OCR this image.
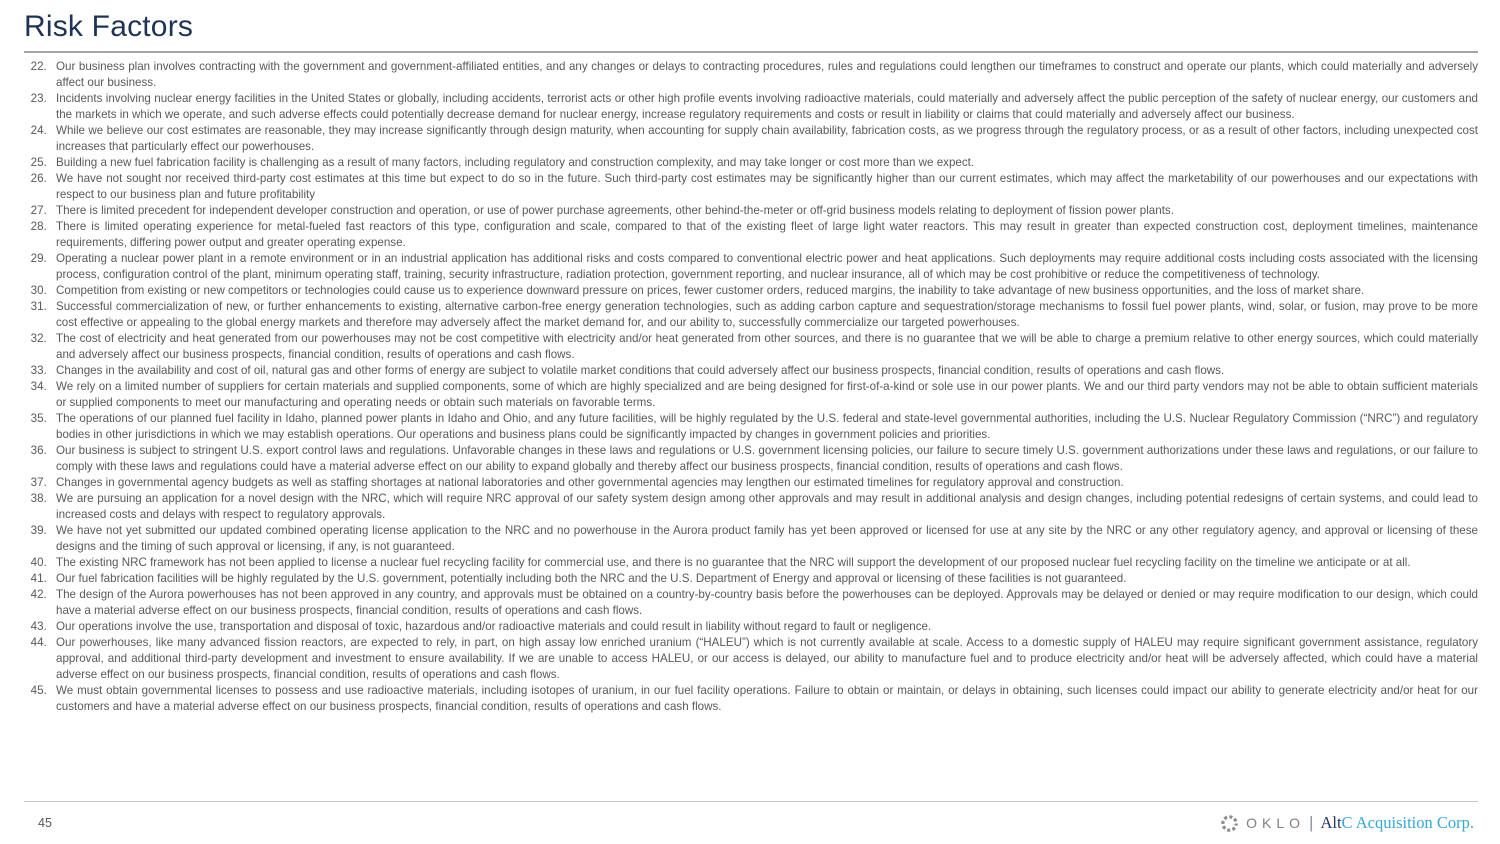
Risk Factors
22. Our business plan involves contracting with the government and government-affiliated entities, and any changes or delays to contracting procedures, rules and regulations could lengthen our timeframes to construct and operate our plants, which could materially and adversely affect our business.
23. Incidents involving nuclear energy facilities in the United States or globally, including accidents, terrorist acts or other high profile events involving radioactive materials, could materially and adversely affect the public perception of the safety of nuclear energy, our customers and the markets in which we operate, and such adverse effects could potentially decrease demand for nuclear energy, increase regulatory requirements and costs or result in liability or claims that could materially and adversely affect our business.
24. While we believe our cost estimates are reasonable, they may increase significantly through design maturity, when accounting for supply chain availability, fabrication costs, as we progress through the regulatory process, or as a result of other factors, including unexpected cost increases that particularly effect our powerhouses.
25. Building a new fuel fabrication facility is challenging as a result of many factors, including regulatory and construction complexity, and may take longer or cost more than we expect.
26. We have not sought nor received third-party cost estimates at this time but expect to do so in the future. Such third-party cost estimates may be significantly higher than our current estimates, which may affect the marketability of our powerhouses and our expectations with respect to our business plan and future profitability
27. There is limited precedent for independent developer construction and operation, or use of power purchase agreements, other behind-the-meter or off-grid business models relating to deployment of fission power plants.
28. There is limited operating experience for metal-fueled fast reactors of this type, configuration and scale, compared to that of the existing fleet of large light water reactors. This may result in greater than expected construction cost, deployment timelines, maintenance requirements, differing power output and greater operating expense.
29. Operating a nuclear power plant in a remote environment or in an industrial application has additional risks and costs compared to conventional electric power and heat applications. Such deployments may require additional costs including costs associated with the licensing process, configuration control of the plant, minimum operating staff, training, security infrastructure, radiation protection, government reporting, and nuclear insurance, all of which may be cost prohibitive or reduce the competitiveness of technology.
30. Competition from existing or new competitors or technologies could cause us to experience downward pressure on prices, fewer customer orders, reduced margins, the inability to take advantage of new business opportunities, and the loss of market share.
31. Successful commercialization of new, or further enhancements to existing, alternative carbon-free energy generation technologies, such as adding carbon capture and sequestration/storage mechanisms to fossil fuel power plants, wind, solar, or fusion, may prove to be more cost effective or appealing to the global energy markets and therefore may adversely affect the market demand for, and our ability to, successfully commercialize our targeted powerhouses.
32. The cost of electricity and heat generated from our powerhouses may not be cost competitive with electricity and/or heat generated from other sources, and there is no guarantee that we will be able to charge a premium relative to other energy sources, which could materially and adversely affect our business prospects, financial condition, results of operations and cash flows.
33. Changes in the availability and cost of oil, natural gas and other forms of energy are subject to volatile market conditions that could adversely affect our business prospects, financial condition, results of operations and cash flows.
34. We rely on a limited number of suppliers for certain materials and supplied components, some of which are highly specialized and are being designed for first-of-a-kind or sole use in our power plants. We and our third party vendors may not be able to obtain sufficient materials or supplied components to meet our manufacturing and operating needs or obtain such materials on favorable terms.
35. The operations of our planned fuel facility in Idaho, planned power plants in Idaho and Ohio, and any future facilities, will be highly regulated by the U.S. federal and state-level governmental authorities, including the U.S. Nuclear Regulatory Commission (“NRC”) and regulatory bodies in other jurisdictions in which we may establish operations. Our operations and business plans could be significantly impacted by changes in government policies and priorities.
36. Our business is subject to stringent U.S. export control laws and regulations. Unfavorable changes in these laws and regulations or U.S. government licensing policies, our failure to secure timely U.S. government authorizations under these laws and regulations, or our failure to comply with these laws and regulations could have a material adverse effect on our ability to expand globally and thereby affect our business prospects, financial condition, results of operations and cash flows.
37. Changes in governmental agency budgets as well as staffing shortages at national laboratories and other governmental agencies may lengthen our estimated timelines for regulatory approval and construction.
38. We are pursuing an application for a novel design with the NRC, which will require NRC approval of our safety system design among other approvals and may result in additional analysis and design changes, including potential redesigns of certain systems, and could lead to increased costs and delays with respect to regulatory approvals.
39. We have not yet submitted our updated combined operating license application to the NRC and no powerhouse in the Aurora product family has yet been approved or licensed for use at any site by the NRC or any other regulatory agency, and approval or licensing of these designs and the timing of such approval or licensing, if any, is not guaranteed.
40. The existing NRC framework has not been applied to license a nuclear fuel recycling facility for commercial use, and there is no guarantee that the NRC will support the development of our proposed nuclear fuel recycling facility on the timeline we anticipate or at all.
41. Our fuel fabrication facilities will be highly regulated by the U.S. government, potentially including both the NRC and the U.S. Department of Energy and approval or licensing of these facilities is not guaranteed.
42. The design of the Aurora powerhouses has not been approved in any country, and approvals must be obtained on a country-by-country basis before the powerhouses can be deployed. Approvals may be delayed or denied or may require modification to our design, which could have a material adverse effect on our business prospects, financial condition, results of operations and cash flows.
43. Our operations involve the use, transportation and disposal of toxic, hazardous and/or radioactive materials and could result in liability without regard to fault or negligence.
44. Our powerhouses, like many advanced fission reactors, are expected to rely, in part, on high assay low enriched uranium (“HALEU”) which is not currently available at scale. Access to a domestic supply of HALEU may require significant government assistance, regulatory approval, and additional third-party development and investment to ensure availability. If we are unable to access HALEU, or our access is delayed, our ability to manufacture fuel and to produce electricity and/or heat will be adversely affected, which could have a material adverse effect on our business prospects, financial condition, results of operations and cash flows.
45. We must obtain governmental licenses to possess and use radioactive materials, including isotopes of uranium, in our fuel facility operations. Failure to obtain or maintain, or delays in obtaining, such licenses could impact our ability to generate electricity and/or heat for our customers and have a material adverse effect on our business prospects, financial condition, results of operations and cash flows.
45	OKLO | AltC Acquisition Corp.
